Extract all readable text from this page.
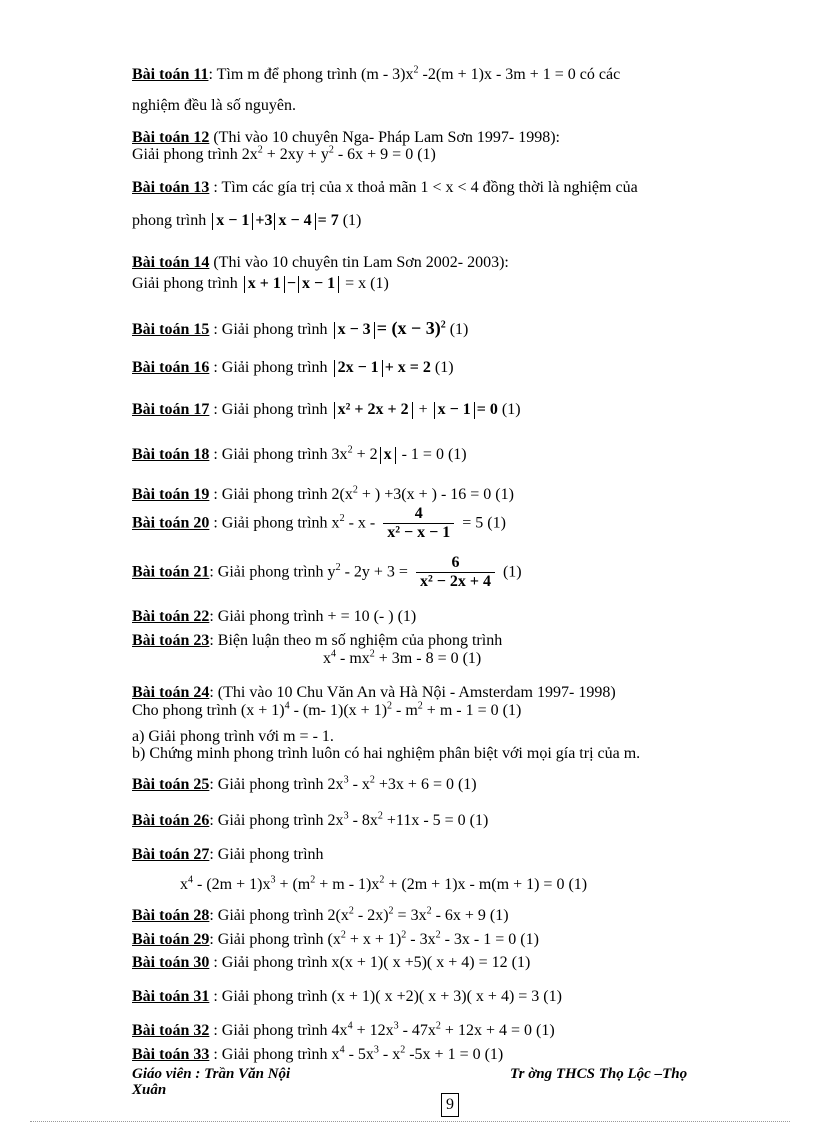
Bài toán 11: Tìm m để phong trình $(m - 3)x^2$ -2(m + 1)x - 3m + 1 = 0 có các
nghiệm đều là số nguyên.
Bài toán 12 (Thi vào 10 chuyên Nga- Pháp Lam Sơn 1997- 1998):
Giải phong trình $2x^2 + 2xy + y^2 - 6x + 9 = 0$ (1)
Bài toán 13 : Tìm các gía trị của x thoả mãn 1 < x < 4 đồng thời là nghiệm của
phong trình x − 1 +3 x − 4 = 7 (1)
Bài toán 14 (Thi vào 10 chuyên tin Lam Sơn 2002- 2003):
Giải phong trình x + 1 − x − 1 = x (1)
Bài toán 15 : Giải phong trình $x - 3 = (x - 3)^2$ (1)
Bài toán 16 : Giải phong trình 2x − 1 + x = 2 (1)
Bài toán 17 : Giải phong trình x² + 2x + 2 + x − 1 = 0 (1)
Bài toán 18 : Giải phong trình $3x^2 + 2$ x - 1 = 0 (1)
Bài toán 19 : Giải phong trình $2(x^2$ + ) +3(x + ) - 16 = 0 (1)
Bài toán 20 : Giải phong trình $x^2 - x - \frac{4}{\text{x² − x − 1}} = 5$ (1)
Bài toán 21: Giải phong trình $y^2 - 2y + 3 = \frac{6}{\text{x² − 2x + 4}} (1)$
Bài toán 22: Giải phong trình + = 10 (- ) (1)
Bài toán 23: Biện luận theo m số nghiệm của phong trình
$x^4 - mx^2 + 3m - 8 = 0$ (1)
Bài toán 24: (Thi vào 10 Chu Văn An và Hà Nội - Amsterdam 1997- 1998)
Cho phong trình $(x + 1)^4 - (m-$ $1)(x + 1)^2 - m^2 + m - 1 = 0$ (1)
a) Giải phong trình với m = - 1.
b) Chứng minh phong trình luôn có hai nghiệm phân biệt với mọi gía trị của m.
Bài toán 25: Giải phong trình $2x^3 - x^2 +3x + 6 = 0$ (1)
Bài toán 26: Giải phong trình $2x^3 - 8x^2 +11x - 5 = 0$ (1)
Bài toán 27: Giải phong trình
$x^4 - (2m + 1)x^3 + (m^2 + m - 1)x^2 + (2m + 1)x - m(m + 1) = 0$ (1)
Bài toán 28: Giải phong trình $2(x^2 - 2x)^2 = 3x^2 - 6x + 9$ (1)
Bài toán 29: Giải phong trình $(x^2 + x + 1)^2 - 3x^2 - 3x - 1 = 0$ (1)
Bài toán 30 : Giải phong trình x(x + 1)( x +5)( x + 4) = 12 (1)
Bài toán 31 : Giải phong trình (x + 1)( x +2)( x + 3)( x + 4) = 3 (1)
Bài toán 32 : Giải phong trình $4x^4 + 12x^3 - 47x^2 + 12x + 4 = 0$ (1)
Bài toán 33 : Giải phong trình $x^4 - 5x^3 - x^2$ -5x + 1 = 0 (1)
Giáo viên : Trần Văn Nội
Xuân
Tr ờng THCS Thọ Lộc –Thọ
9
